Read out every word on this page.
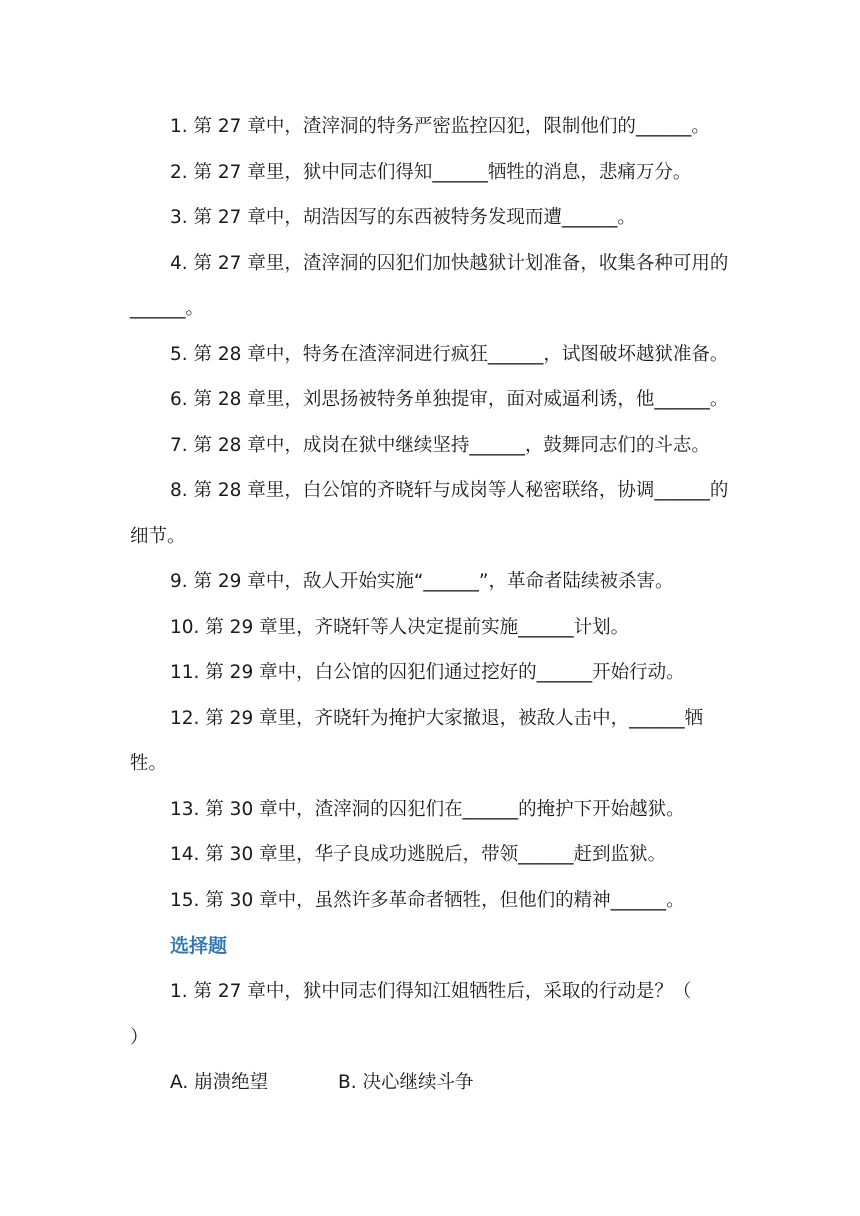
1. 第 27 章中，渣滓洞的特务严密监控囚犯，限制他们的______。

2. 第 27 章里，狱中同志们得知______牺牲的消息，悲痛万分。

3. 第 27 章中，胡浩因写的东西被特务发现而遭______。

4. 第 27 章里，渣滓洞的囚犯们加快越狱计划准备，收集各种可用的______。

5. 第 28 章中，特务在渣滓洞进行疯狂______，试图破坏越狱准备。

6. 第 28 章里，刘思扬被特务单独提审，面对威逼利诱，他______。

7. 第 28 章中，成岗在狱中继续坚持______，鼓舞同志们的斗志。

8. 第 28 章里，白公馆的齐晓轩与成岗等人秘密联络，协调______的细节。

9. 第 29 章中，敌人开始实施“______”，革命者陆续被杀害。

10. 第 29 章里，齐晓轩等人决定提前实施______计划。

11. 第 29 章中，白公馆的囚犯们通过挖好的______开始行动。

12. 第 29 章里，齐晓轩为掩护大家撤退，被敌人击中，______牺牲。

13. 第 30 章中，渣滓洞的囚犯们在______的掩护下开始越狱。

14. 第 30 章里，华子良成功逃脱后，带领______赶到监狱。

15. 第 30 章中，虽然许多革命者牺牲，但他们的精神______。

选择题

1. 第 27 章中，狱中同志们得知江姐牺牲后，采取的行动是？（　　）

A. 崩溃绝望	B. 决心继续斗争
